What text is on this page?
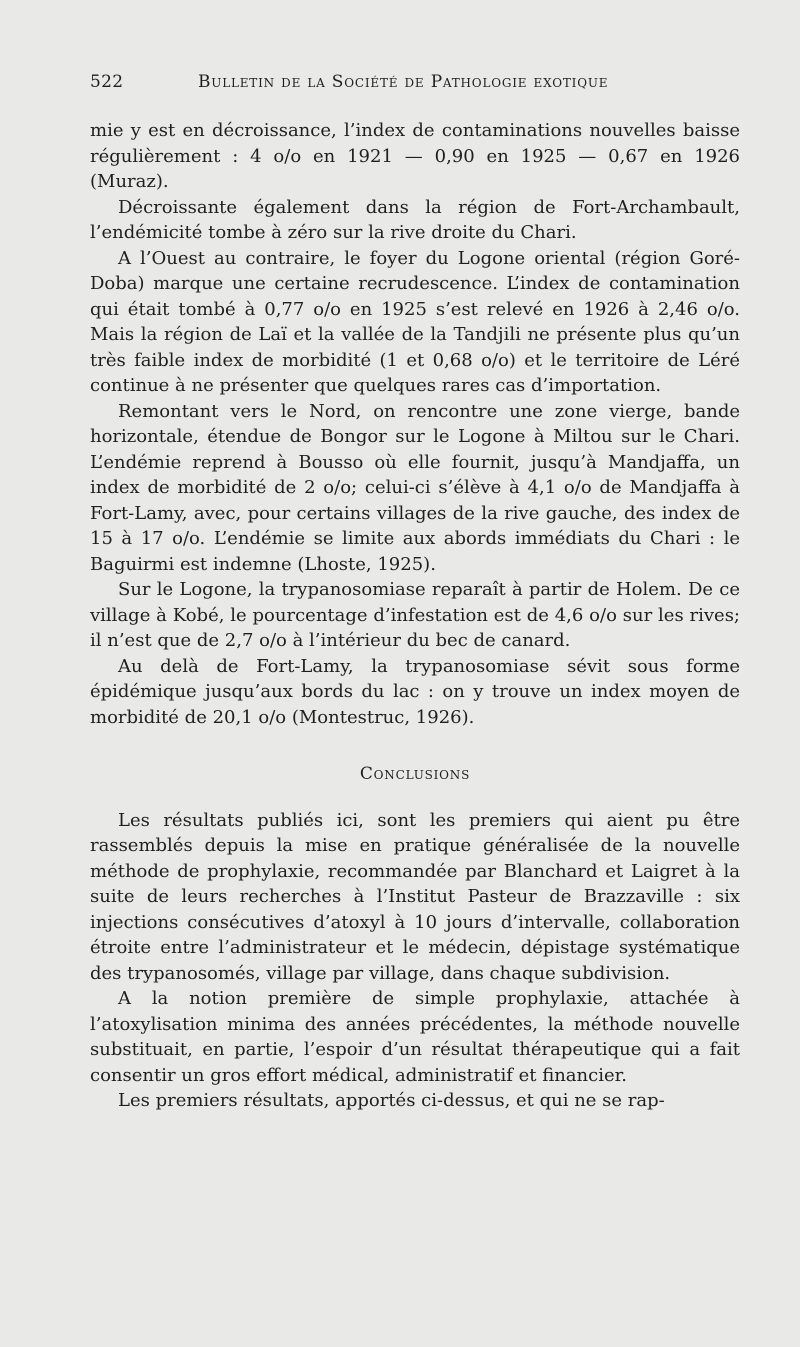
522	Bulletin de la Société de Pathologie exotique

mie y est en décroissance, l’index de contaminations nouvelles baisse régulièrement : 4 o/o en 1921 — 0,90 en 1925 — 0,67 en 1926 (Muraz).

Décroissante également dans la région de Fort-Archambault, l’endémicité tombe à zéro sur la rive droite du Chari.

A l’Ouest au contraire, le foyer du Logone oriental (région Goré-Doba) marque une certaine recrudescence. L’index de contamination qui était tombé à 0,77 o/o en 1925 s’est relevé en 1926 à 2,46 o/o. Mais la région de Laï et la vallée de la Tandjili ne présente plus qu’un très faible index de morbidité (1 et 0,68 o/o) et le territoire de Léré continue à ne présenter que quelques rares cas d’importation.

Remontant vers le Nord, on rencontre une zone vierge, bande horizontale, étendue de Bongor sur le Logone à Miltou sur le Chari. L’endémie reprend à Bousso où elle fournit, jusqu’à Mandjaffa, un index de morbidité de 2 o/o; celui-ci s’élève à 4,1 o/o de Mandjaffa à Fort-Lamy, avec, pour certains villages de la rive gauche, des index de 15 à 17 o/o. L’endémie se limite aux abords immédiats du Chari : le Baguirmi est indemne (Lhoste, 1925).

Sur le Logone, la trypanosomiase reparaît à partir de Holem. De ce village à Kobé, le pourcentage d’infestation est de 4,6 o/o sur les rives; il n’est que de 2,7 o/o à l’intérieur du bec de canard.

Au delà de Fort-Lamy, la trypanosomiase sévit sous forme épidémique jusqu’aux bords du lac : on y trouve un index moyen de morbidité de 20,1 o/o (Montestruc, 1926).

Conclusions

Les résultats publiés ici, sont les premiers qui aient pu être rassemblés depuis la mise en pratique généralisée de la nouvelle méthode de prophylaxie, recommandée par Blanchard et Laigret à la suite de leurs recherches à l’Institut Pasteur de Brazzaville : six injections consécutives d’atoxyl à 10 jours d’intervalle, collaboration étroite entre l’administrateur et le médecin, dépistage systématique des trypanosomés, village par village, dans chaque subdivision.

A la notion première de simple prophylaxie, attachée à l’atoxylisation minima des années précédentes, la méthode nouvelle substituait, en partie, l’espoir d’un résultat thérapeutique qui a fait consentir un gros effort médical, administratif et financier.

Les premiers résultats, apportés ci-dessus, et qui ne se rap-
